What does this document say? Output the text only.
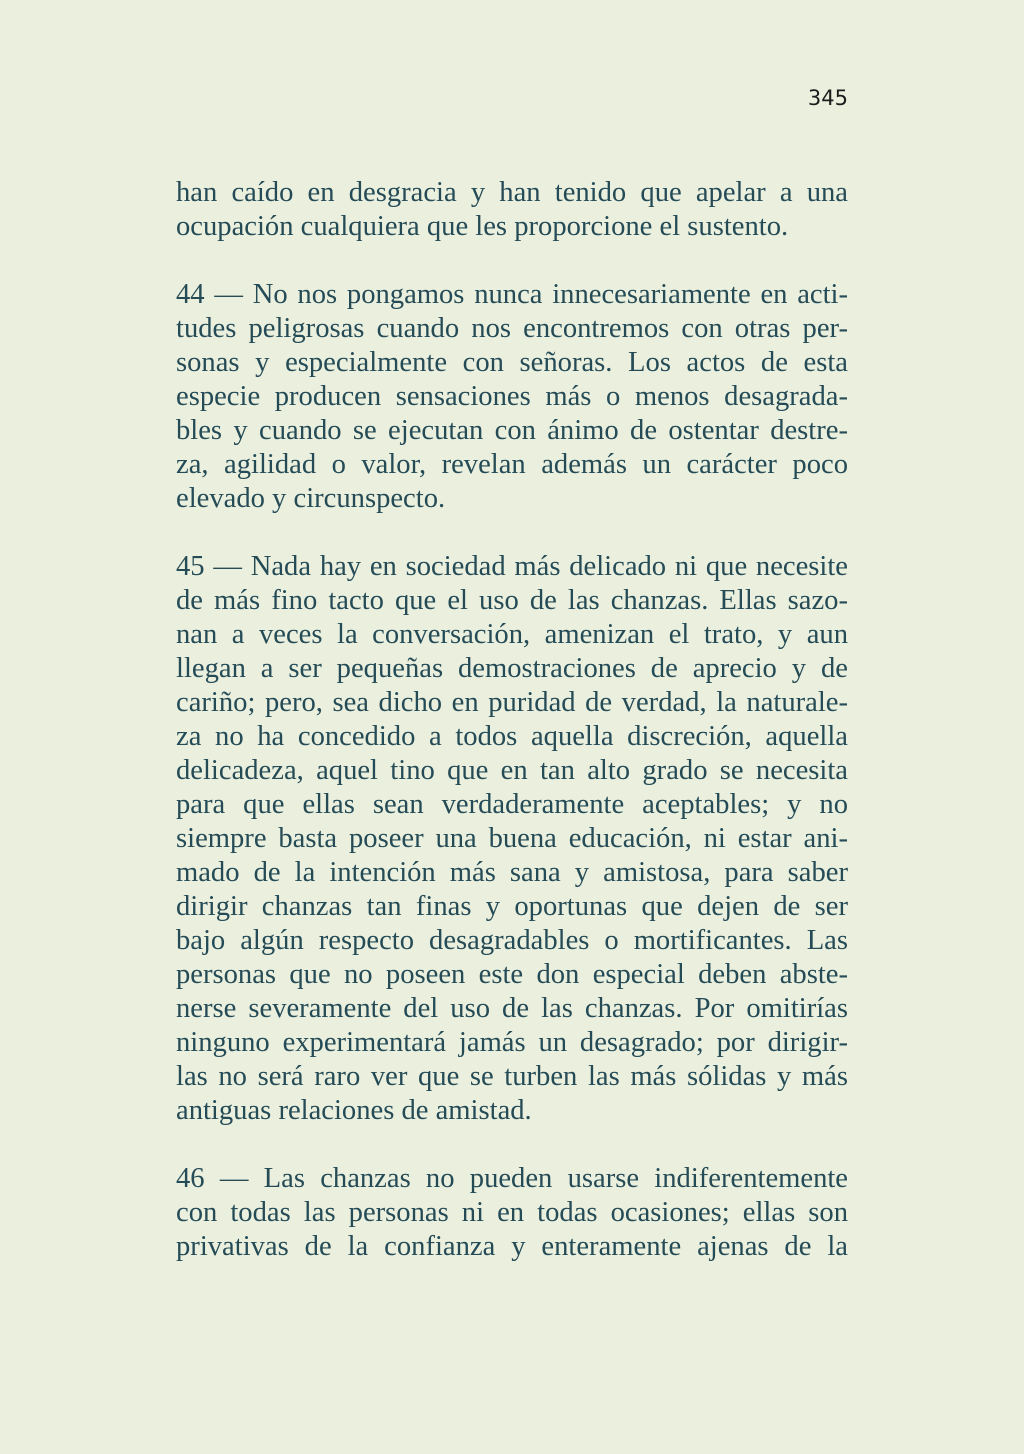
345
han caído en desgracia y han tenido que apelar a una
ocupación cualquiera que les proporcione el sustento.
44 — No nos pongamos nunca innecesariamente en acti-
tudes peligrosas cuando nos encontremos con otras per-
sonas y especialmente con señoras. Los actos de esta
especie producen sensaciones más o menos desagrada-
bles y cuando se ejecutan con ánimo de ostentar destre-
za, agilidad o valor, revelan además un carácter poco
elevado y circunspecto.
45 — Nada hay en sociedad más delicado ni que necesite
de más fino tacto que el uso de las chanzas. Ellas sazo-
nan a veces la conversación, amenizan el trato, y aun
llegan a ser pequeñas demostraciones de aprecio y de
cariño; pero, sea dicho en puridad de verdad, la naturale-
za no ha concedido a todos aquella discreción, aquella
delicadeza, aquel tino que en tan alto grado se necesita
para que ellas sean verdaderamente aceptables; y no
siempre basta poseer una buena educación, ni estar ani-
mado de la intención más sana y amistosa, para saber
dirigir chanzas tan finas y oportunas que dejen de ser
bajo algún respecto desagradables o mortificantes. Las
personas que no poseen este don especial deben abste-
nerse severamente del uso de las chanzas. Por omitirías
ninguno experimentará jamás un desagrado; por dirigir-
las no será raro ver que se turben las más sólidas y más
antiguas relaciones de amistad.
46 — Las chanzas no pueden usarse indiferentemente
con todas las personas ni en todas ocasiones; ellas son
privativas de la confianza y enteramente ajenas de la
